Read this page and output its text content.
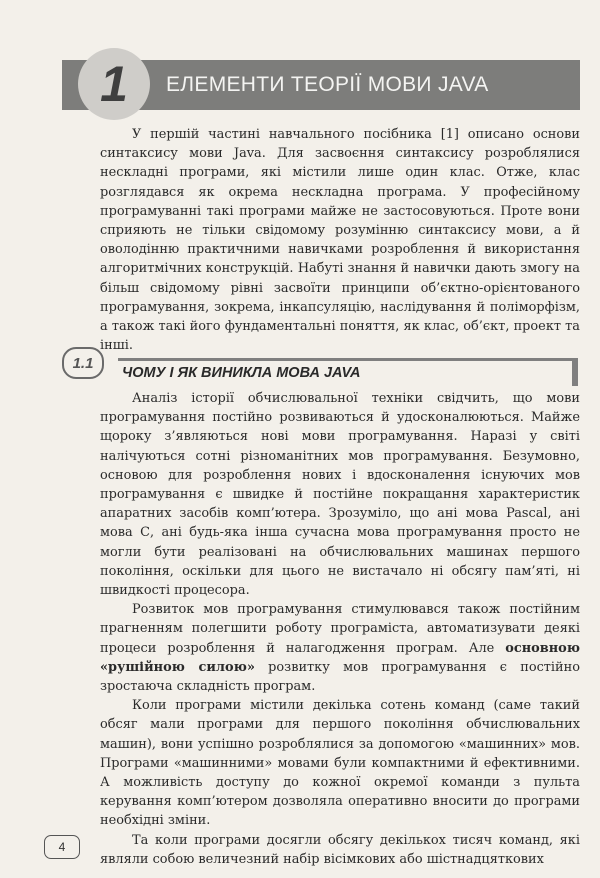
1 ЕЛЕМЕНТИ ТЕОРІЇ МОВИ JAVA

У першій частині навчального посібника [1] описано основи синтаксису мови Java. Для засвоєння синтаксису розроблялися нескладні програми, які містили лише один клас. Отже, клас розглядався як окрема нескладна програма. У професійному програмуванні такі програми майже не застосовуються. Проте вони сприяють не тільки свідомому розумінню синтаксису мови, а й оволодінню практичними навичками розроблення й використання алгоритмічних конструкцій. Набуті знання й навички дають змогу на більш свідомому рівні засвоїти принципи об’єктно-орієнтованого програмування, зокрема, інкапсуляцію, наслідування й поліморфізм, а також такі його фундаментальні поняття, як клас, об’єкт, проект та інші.

1.1
ЧОМУ І ЯК ВИНИКЛА МОВА JAVA

Аналіз історії обчислювальної техніки свідчить, що мови програмування постійно розвиваються й удосконалюються. Майже щороку з’являються нові мови програмування. Наразі у світі налічуються сотні різноманітних мов програмування. Безумовно, основою для розроблення нових і вдосконалення існуючих мов програмування є швидке й постійне покращання характеристик апаратних засобів комп’ютера. Зрозуміло, що ані мова Pascal, ані мова С, ані будь-яка інша сучасна мова програмування просто не могли бути реалізовані на обчислювальних машинах першого покоління, оскільки для цього не вистачало ні обсягу пам’яті, ні швидкості процесора.

Розвиток мов програмування стимулювався також постійним прагненням полегшити роботу програміста, автоматизувати деякі процеси розроблення й налагодження програм. Але основною «рушійною силою» розвитку мов програмування є постійно зростаюча складність програм.

Коли програми містили декілька сотень команд (саме такий обсяг мали програми для першого покоління обчислювальних машин), вони успішно розроблялися за допомогою «машинних» мов. Програми «машинними» мовами були компактними й ефективними. А можливість доступу до кожної окремої команди з пульта керування комп’ютером дозволяла оперативно вносити до програми необхідні зміни.

Та коли програми досягли обсягу декількох тисяч команд, які являли собою величезний набір вісімкових або шістнадцяткових

4
